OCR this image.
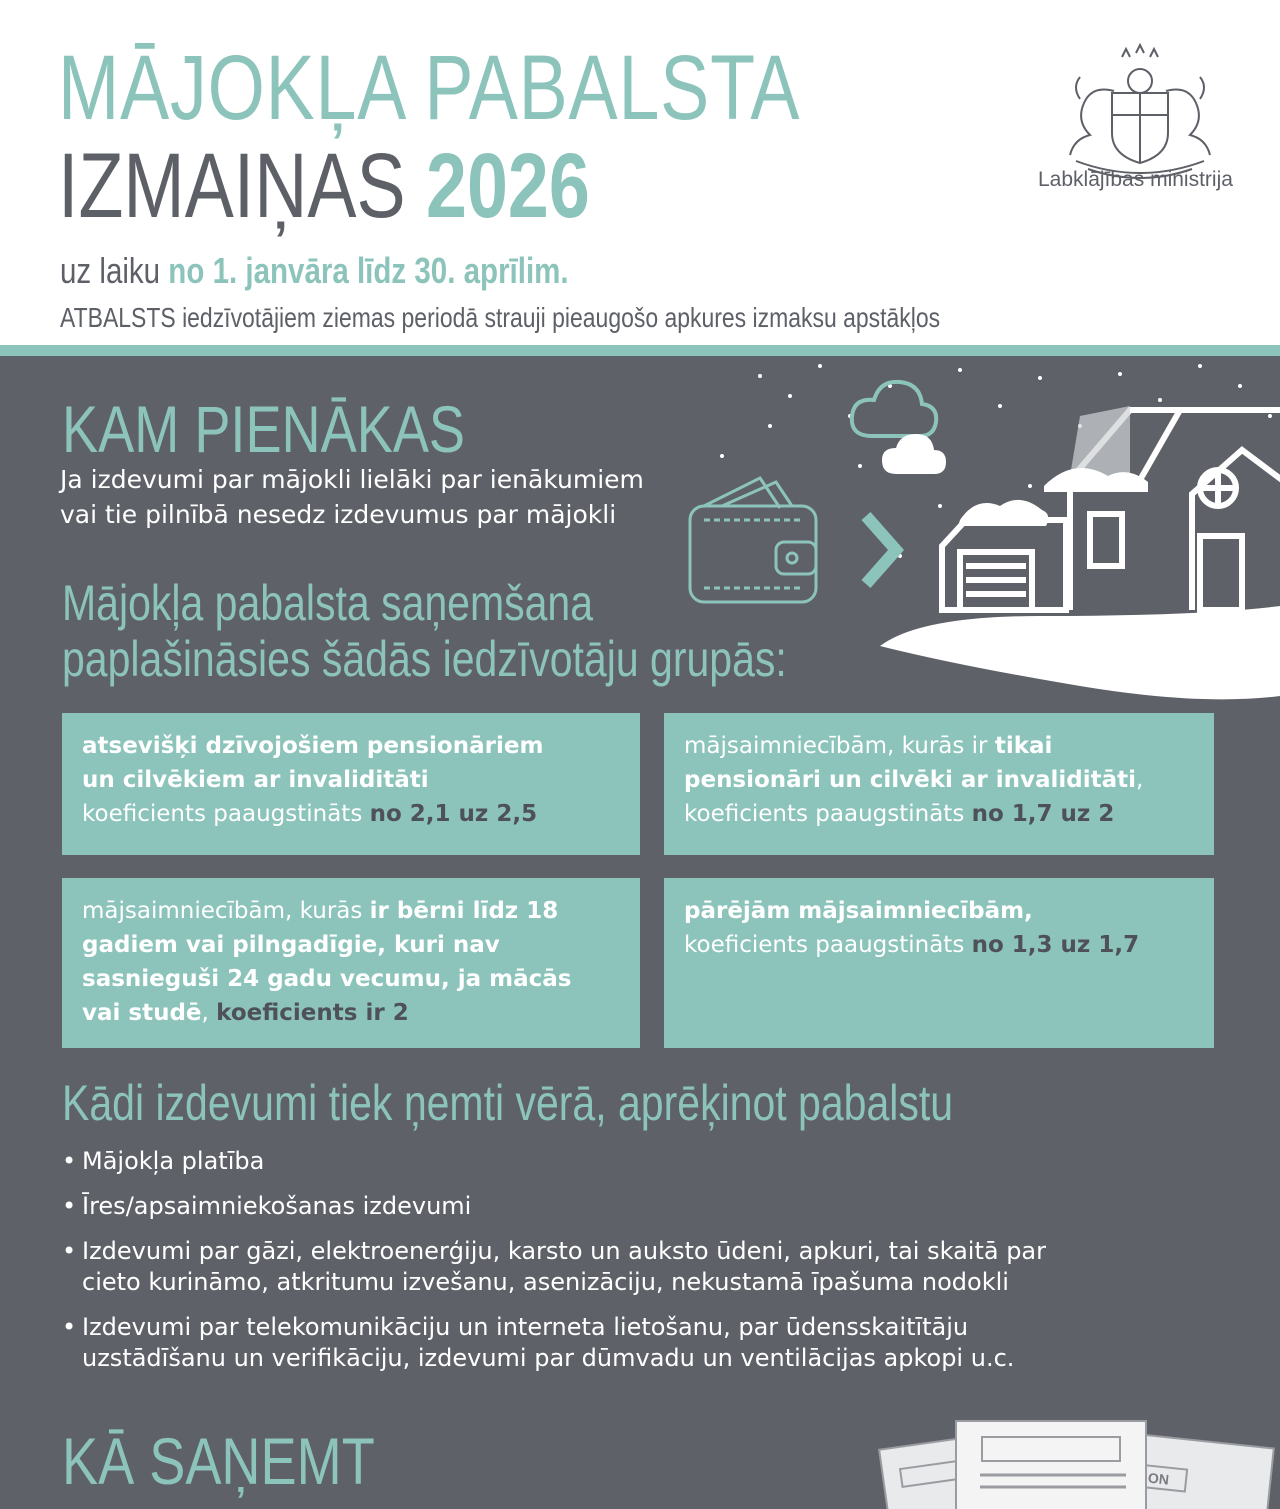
MĀJOKĻA PABALSTA
IZMAIŅAS 2026
uz laiku no 1. janvāra līdz 30. aprīlim.
ATBALSTS iedzīvotājiem ziemas periodā strauji pieaugošo apkures izmaksu apstākļos
Labklājības ministrija
KAM PIENĀKAS
Ja izdevumi par mājokli lielāki par ienākumiem
vai tie pilnībā nesedz izdevumus par mājokli
Mājokļa pabalsta saņemšana
paplašināsies šādās iedzīvotāju grupās:
atsevišķi dzīvojošiem pensionāriem
un cilvēkiem ar invaliditāti
koeficients paaugstināts no 2,1 uz 2,5
mājsaimniecībām, kurās ir tikai
pensionāri un cilvēki ar invaliditāti,
koeficients paaugstināts no 1,7 uz 2
mājsaimniecībām, kurās ir bērni līdz 18
gadiem vai pilngadīgie, kuri nav
sasnieguši 24 gadu vecumu, ja mācās
vai studē, koeficients ir 2
pārējām mājsaimniecībām,
koeficients paaugstināts no 1,3 uz 1,7
Kādi izdevumi tiek ņemti vērā, aprēķinot pabalstu
• Mājokļa platība
• Īres/apsaimniekošanas izdevumi
• Izdevumi par gāzi, elektroenerģiju, karsto un auksto ūdeni, apkuri, tai skaitā par cieto kurināmo, atkritumu izvešanu, asenizāciju, nekustamā īpašuma nodokli
• Izdevumi par telekomunikāciju un interneta lietošanu, par ūdensskaitītāju uzstādīšanu un verifikāciju, izdevumi par dūmvadu un ventilācijas apkopi u.c.
KĀ SAŅEMT	ON
